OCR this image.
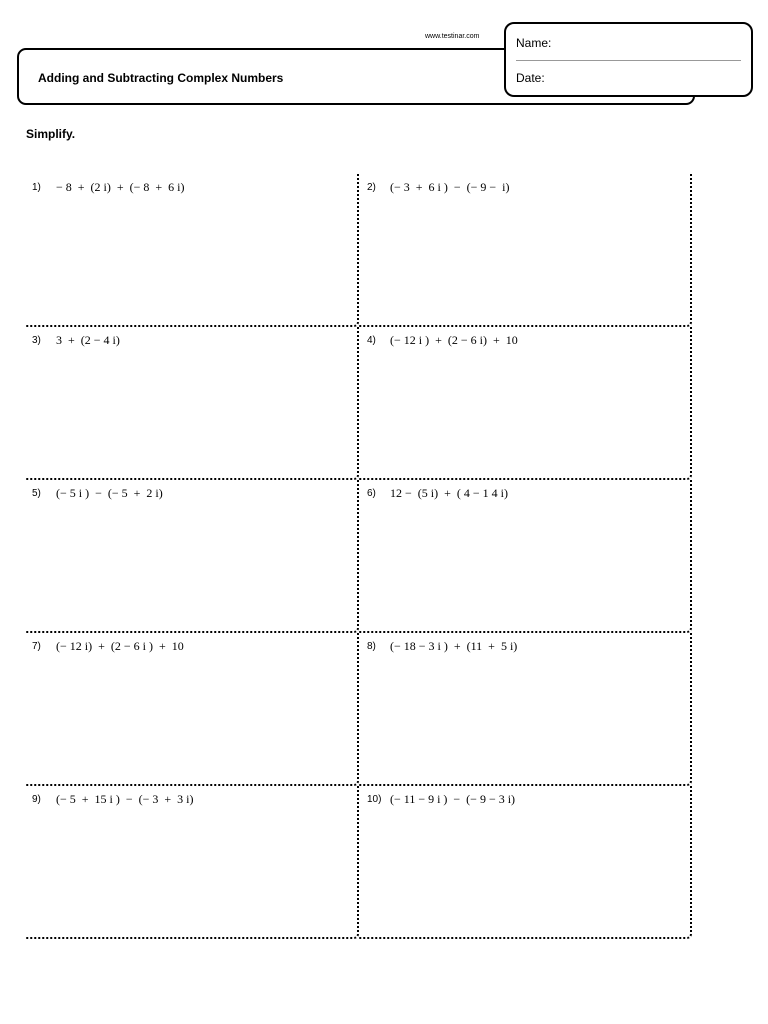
www.testinar.com
Adding and Subtracting Complex Numbers
Name:
Date:
Simplify.
1) − 8  +  (2 i)  +  (− 8  +  6 i)	2) (− 3  +  6 i )  −  (− 9 −  i)
3) 3  +  (2 − 4 i)	4) (− 12 i )  +  (2 − 6 i)  +  10
5) (− 5 i )  −  (− 5  +  2 i)	6) 12 −  (5 i)  +  ( 4 − 1 4 i)
7) (− 12 i)  +  (2 − 6 i )  +  10	8) (− 18 − 3 i )  +  (11  +  5 i)
9) (− 5  +  15 i )  −  (− 3  +  3 i)	10) (− 11 − 9 i )  −  (− 9 − 3 i)
